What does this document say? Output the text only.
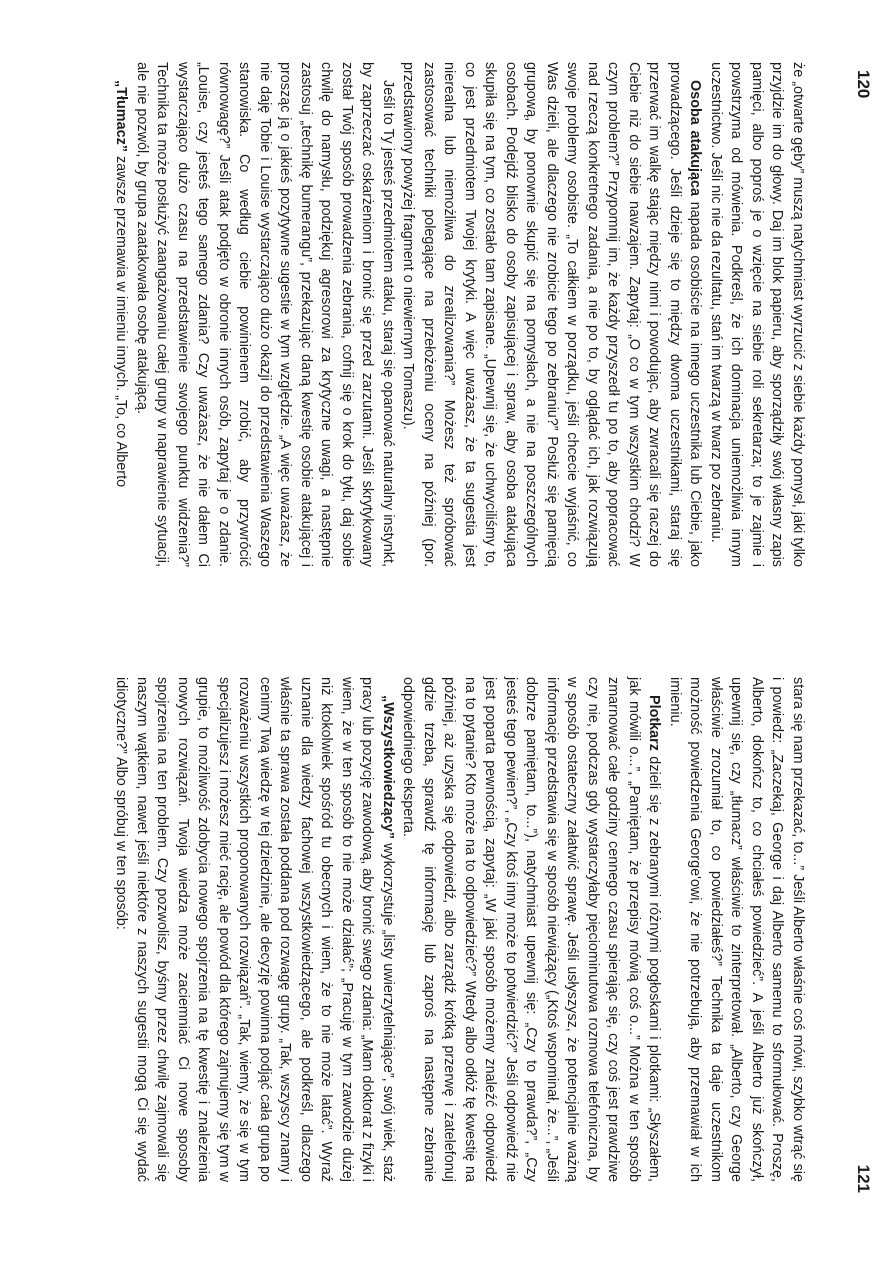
120

że „otwarte gęby” muszą natychmiast wyrzucić z siebie każdy pomysł, jaki tylko przyjdzie im do głowy. Daj im blok papieru, aby sporządziły swój własny zapis pamięci, albo poproś je o wzięcie na siebie roli sekretarza; to je zajmie i powstrzyma od mówienia. Podkreśl, że ich dominacja uniemożliwia innym uczestnictwo. Jeśli nic nie da rezultatu, stań im twarzą w twarz po zebraniu.

Osoba atakująca napada osobiście na innego uczestnika lub Ciebie, jako prowadzącego. Jeśli dzieje się to między dwoma uczestnikami, staraj się przerwać im walkę stając między nimi i powodując, aby zwracali się raczej do Ciebie niż do siebie nawzajem. Zapytaj: „O co w tym wszystkim chodzi? W czym problem?” Przypomnij im, że każdy przyszedł tu po to, aby popracować nad rzeczą konkretnego zadania, a nie po to, by oglądać ich, jak rozwiązują swoje problemy osobiste. „To całkiem w porządku, jeśli chcecie wyjaśnić, co Was dzieli, ale dlaczego nie zrobicie tego po zebraniu?” Posłuż się pamięcią grupową, by ponownie skupić się na pomysłach, a nie na poszczególnych osobach. Podejdź blisko do osoby zapisującej i spraw, aby osoba atakująca skupiła się na tym, co zostało tam zapisane. „Upewnij się, że uchwyciliśmy to, co jest przedmiotem Twojej krytyki. A więc uważasz, że ta sugestia jest nierealna lub niemożliwa do zrealizowania?” Możesz też spróbować zastosować techniki polegające na przełożeniu oceny na później (por. przedstawiony powyżej fragment o niewiernym Tomaszu).

Jeśli to Ty jesteś przedmiotem ataku, staraj się opanować naturalny instynkt, by zaprzeczać oskarżeniom i bronić się przed zarzutami. Jeśli skrytykowany został Twój sposób prowadzenia zebrania, cofnij się o krok do tyłu, daj sobie chwilę do namysłu, podziękuj agresorowi za krytyczne uwagi, a następnie zastosuj „technikę bumerangu”, przekazując daną kwestię osobie atakującej i prosząc ją o jakieś pozytywne sugestie w tym względzie. „A więc uważasz, że nie daję Tobie i Louise wystarczająco dużo okazji do przedstawienia Waszego stanowiska. Co według ciebie powinienem zrobić, aby przywrócić równowagę?” Jeśli atak podjęto w obronie innych osób, zapytaj je o zdanie. „Louise, czy jesteś tego samego zdania? Czy uważasz, że nie dałem Ci wystarczająco dużo czasu na przedstawienie swojego punktu widzenia?” Technika ta może posłużyć zaangażowaniu całej grupy w naprawienie sytuacji, ale nie pozwól, by grupa zaatakowała osobę atakującą.

„Tłumacz” zawsze przemawia w imieniu innych. „To, co Alberto

121

stara się nam przekazać, to...” Jeśli Alberto właśnie coś mówi, szybko wtrąć się i powiedz: „Zaczekaj, George i daj Alberto samemu to sformułować. Proszę, Alberto, dokończ to, co chciałeś powiedzieć”. A jeśli Alberto już skończył, upewnij się, czy „tłumacz” właściwie to zinterpretował. „Alberto, czy George właściwie zrozumiał to, co powiedziałeś?” Technika ta daje uczestnikom możność powiedzenia George'owi, że nie potrzebują, aby przemawiał w ich imieniu.

Plotkarz dzieli się z zebranymi różnymi pogłoskami i plotkami: „Słyszałem, jak mówili o...”, „Pamiętam, że przepisy mówią coś o...” Można w ten sposób zmarnować całe godziny cennego czasu spierając się, czy coś jest prawdziwe czy nie, podczas gdy wystarczyłaby pięciominutowa rozmowa telefoniczna, by w sposób ostateczny załatwić sprawę. Jeśli usłyszysz, że potencjalnie ważną informację przedstawia się w sposób niewiążący („Ktoś wspominał, że...”, „Jeśli dobrze pamiętam, to...”), natychmiast upewnij się: „Czy to prawda?”, „Czy jesteś tego pewien?”, „Czy ktoś inny może to potwierdzić?” Jeśli odpowiedź nie jest poparta pewnością, zapytaj: „W jaki sposób możemy znaleźć odpowiedź na to pytanie? Kto może na to odpowiedzieć?” Wtedy albo odłóż tę kwestię na później, aż uzyska się odpowiedź, albo zarządź krótką przerwę i zatelefonuj gdzie trzeba, sprawdź tę informację lub zaproś na następne zebranie odpowiedniego eksperta.

„Wszystkowiedzący” wykorzystuje „listy uwierzytelniające”, swój wiek, staż pracy lub pozycję zawodową, aby bronić swego zdania: „Mam doktorat z fizyki i wiem, że w ten sposób to nie może działać”; „Pracuję w tym zawodzie dużej niż ktokolwiek spośród tu obecnych i wiem, że to nie może latać”. Wyraź uznanie dla wiedzy fachowej wszystkowiedzącego, ale podkreśl, dlaczego właśnie ta sprawa została poddana pod rozwagę grupy. „Tak, wszyscy znamy i cenimy Twą wiedzę w tej dziedzinie, ale decyzję powinna podjąć cała grupa po rozważeniu wszystkich proponowanych rozwiązań”. „Tak, wiemy, że się w tym specjalizujesz i możesz mieć rację, ale powód dla którego zajmujemy się tym w grupie, to możliwość zdobycia nowego spojrzenia na tę kwestię i znalezienia nowych rozwiązań. Twoja wiedza może zaciemniać Ci nowe sposoby spojrzenia na ten problem. Czy pozwolisz, byśmy przez chwilę zajmowali się naszym wątkiem, nawet jeśli niektóre z naszych sugestii mogą Ci się wydać idiotyczne?” Albo spróbuj w ten sposób:
